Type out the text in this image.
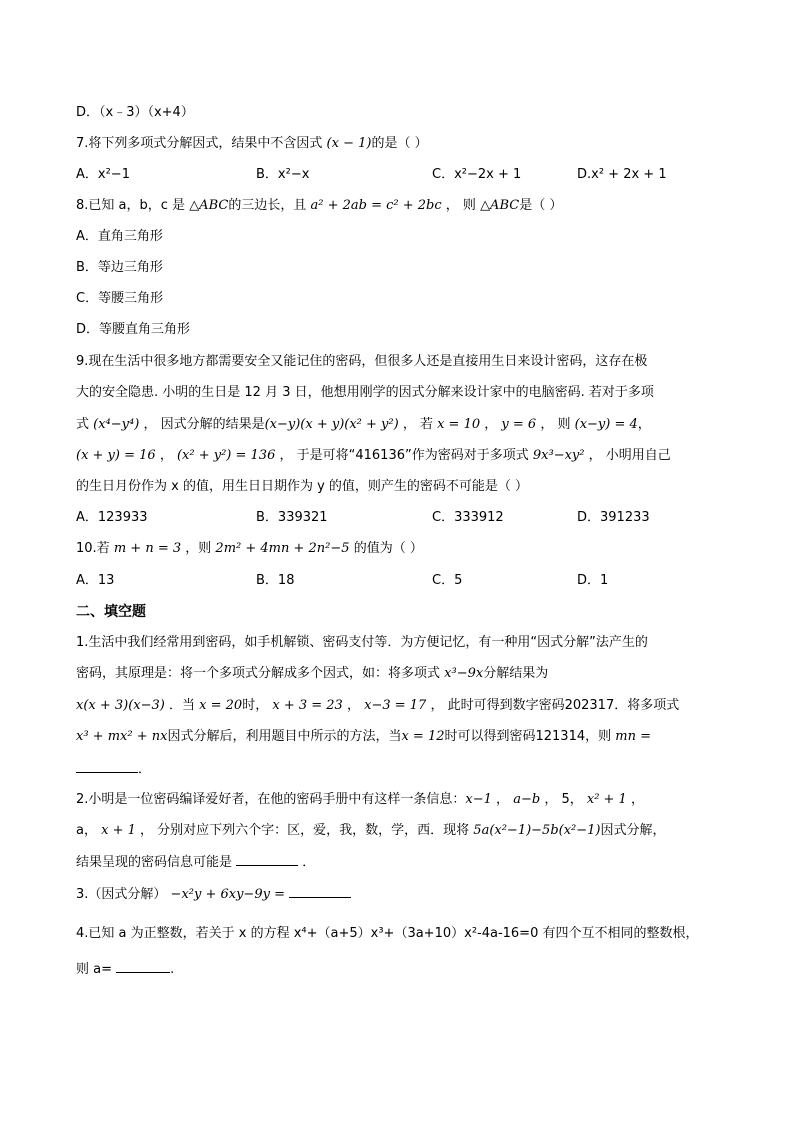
D．（x﹣3）（x+4）
7.将下列多项式分解因式，结果中不含因式 (x − 1)的是（ ）
A．x²−1	B．x²−x	C．x²−2x + 1	D.x² + 2x + 1
8.已知 a，b，c 是 △ABC的三边长，且 a² + 2ab = c² + 2bc ， 则 △ABC是（ ）
A．直角三角形
B．等边三角形
C．等腰三角形
D．等腰直角三角形
9.现在生活中很多地方都需要安全又能记住的密码，但很多人还是直接用生日来设计密码，这存在极
大的安全隐患. 小明的生日是 12 月 3 日，他想用刚学的因式分解来设计家中的电脑密码. 若对于多项
式 (x⁴−y⁴) ， 因式分解的结果是(x−y)(x + y)(x² + y²) ， 若 x = 10 ， y = 6 ， 则 (x−y) = 4，
(x + y) = 16 ， (x² + y²) = 136 ， 于是可将“416136”作为密码对于多项式 9x³−xy² ， 小明用自己
的生日月份作为 x 的值，用生日日期作为 y 的值，则产生的密码不可能是（ ）
A．123933	B．339321	C．333912	D．391233
10.若 m + n = 3 ，则 2m² + 4mn + 2n²−5 的值为（ ）
A．13	B．18	C．5	D．1
二、填空题
1.生活中我们经常用到密码，如手机解锁、密码支付等．为方便记忆，有一种用“因式分解”法产生的
密码，其原理是：将一个多项式分解成多个因式，如：将多项式 x³−9x分解结果为
x(x + 3)(x−3) ．当 x = 20时， x + 3 = 23 ， x−3 = 17 ， 此时可得到数字密码202317．将多项式
x³ + mx² + nx因式分解后，利用题目中所示的方法，当x = 12时可以得到密码121314，则 mn =
．
2.小明是一位密码编译爱好者，在他的密码手册中有这样一条信息：x−1 ， a−b ， 5， x² + 1 ，
a， x + 1 ， 分别对应下列六个字：区，爱，我，数，学，西．现将 5a(x²−1)−5b(x²−1)因式分解，
结果呈现的密码信息可能是	．
3.（因式分解） −x²y + 6xy−9y =
4.已知 a 为正整数，若关于 x 的方程 x⁴+（a+5）x³+（3a+10）x²-4a-16=0 有四个互不相同的整数根，
则 a=	.
